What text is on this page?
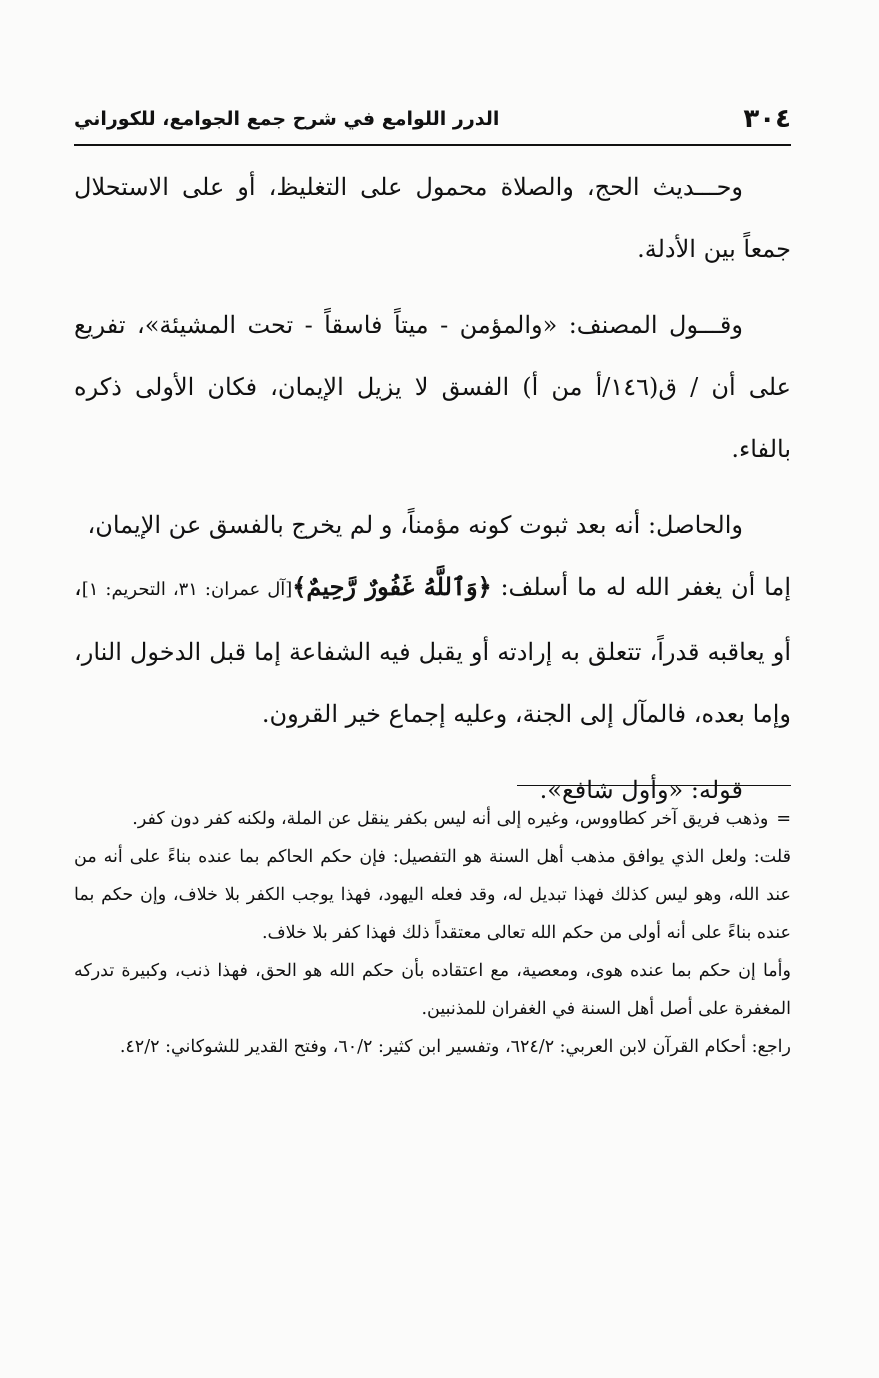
٣٠٤
الدرر اللوامع في شرح جمع الجوامع، للكوراني

وحـــديث الحج، والصلاة محمول على التغليظ، أو على الاستحلال جمعاً بين الأدلة.

وقـــول المصنف: «والمؤمن - ميتاً فاسقاً - تحت المشيئة»، تفريع على أن / ق(١٤٦/أ من أ) الفسق لا يزيل الإيمان، فكان الأولى ذكره بالفاء.

والحاصل: أنه بعد ثبوت كونه مؤمناً، و لم يخرج بالفسق عن الإيمان،

إما أن يغفر الله له ما أسلف: ﴿وَٱللَّهُ غَفُورٌ رَّحِيمٌ﴾[آل عمران: ٣١، التحريم: ١]، أو يعاقبه قدراً، تتعلق به إرادته أو يقبل فيه الشفاعة إما قبل الدخول النار، وإما بعده، فالمآل إلى الجنة، وعليه إجماع خير القرون.

قوله: «وأول شافع».

=وذهب فريق آخر كطاووس، وغيره إلى أنه ليس بكفر ينقل عن الملة، ولكنه كفر دون كفر.

قلت: ولعل الذي يوافق مذهب أهل السنة هو التفصيل: فإن حكم الحاكم بما عنده بناءً على أنه من عند الله، وهو ليس كذلك فهذا تبديل له، وقد فعله اليهود، فهذا يوجب الكفر بلا خلاف، وإن حكم بما عنده بناءً على أنه أولى من حكم الله تعالى معتقداً ذلك فهذا كفر بلا خلاف.

وأما إن حكم بما عنده هوى، ومعصية، مع اعتقاده بأن حكم الله هو الحق، فهذا ذنب، وكبيرة تدركه المغفرة على أصل أهل السنة في الغفران للمذنبين.

راجع: أحكام القرآن لابن العربي: ٦٢٤/٢، وتفسير ابن كثير: ٦٠/٢، وفتح القدير للشوكاني: ٤٢/٢.
